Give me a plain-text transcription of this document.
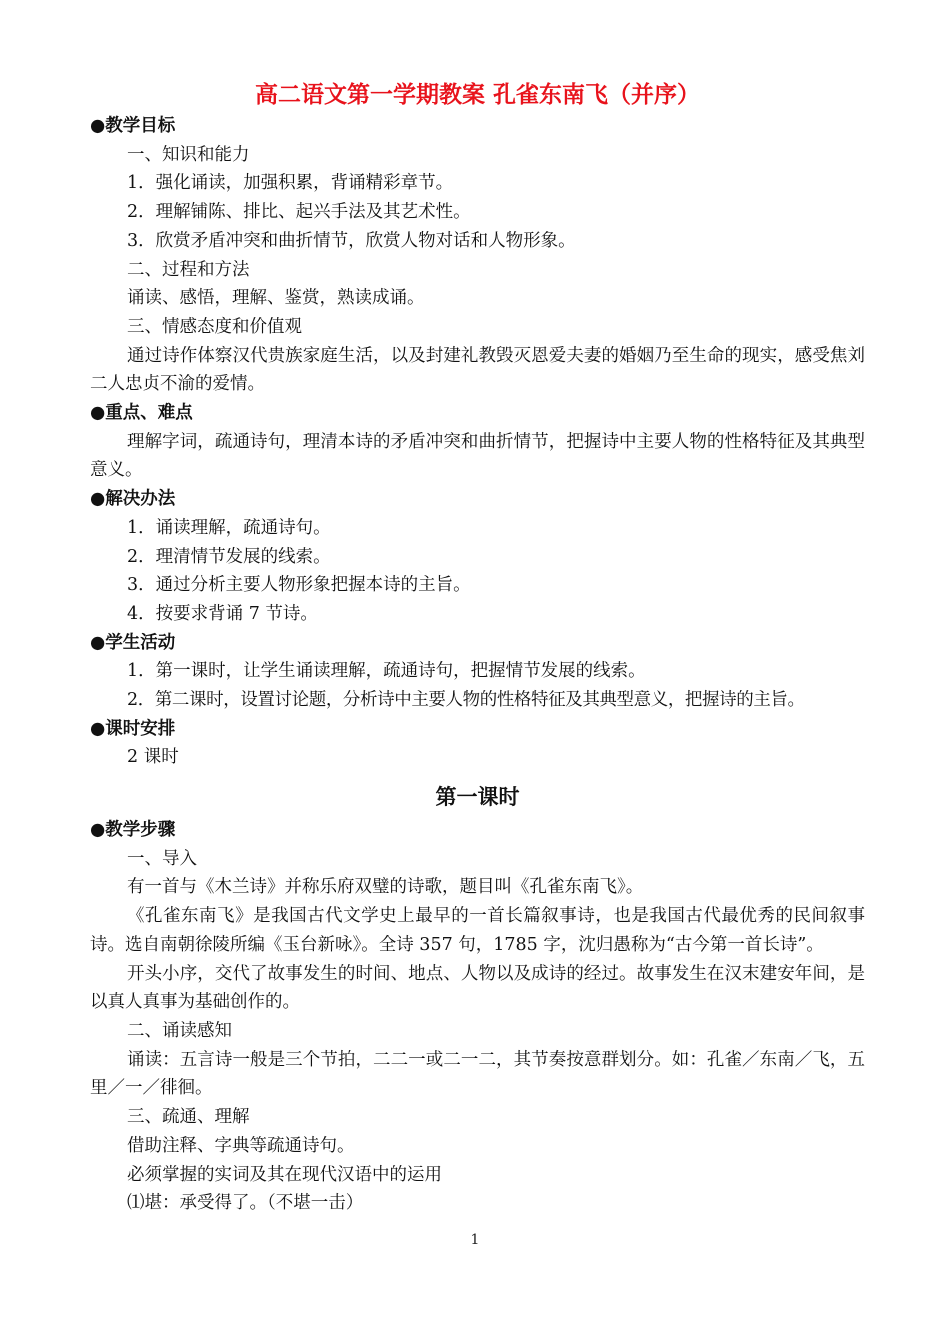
高二语文第一学期教案 孔雀东南飞（并序）
●教学目标
一、知识和能力
1．强化诵读，加强积累，背诵精彩章节。
2．理解铺陈、排比、起兴手法及其艺术性。
3．欣赏矛盾冲突和曲折情节，欣赏人物对话和人物形象。
二、过程和方法
诵读、感悟，理解、鉴赏，熟读成诵。
三、情感态度和价值观
通过诗作体察汉代贵族家庭生活，以及封建礼教毁灭恩爱夫妻的婚姻乃至生命的现实，感受焦刘二人忠贞不渝的爱情。
●重点、难点
理解字词，疏通诗句，理清本诗的矛盾冲突和曲折情节，把握诗中主要人物的性格特征及其典型意义。
●解决办法
1．诵读理解，疏通诗句。
2．理清情节发展的线索。
3．通过分析主要人物形象把握本诗的主旨。
4．按要求背诵 7 节诗。
●学生活动
1．第一课时，让学生诵读理解，疏通诗句，把握情节发展的线索。
2．第二课时，设置讨论题，分析诗中主要人物的性格特征及其典型意义，把握诗的主旨。
●课时安排
2 课时
第一课时
●教学步骤
一、导入
有一首与《木兰诗》并称乐府双璧的诗歌，题目叫《孔雀东南飞》。
《孔雀东南飞》是我国古代文学史上最早的一首长篇叙事诗，也是我国古代最优秀的民间叙事诗。选自南朝徐陵所编《玉台新咏》。全诗 357 句，1785 字，沈归愚称为“古今第一首长诗”。
开头小序，交代了故事发生的时间、地点、人物以及成诗的经过。故事发生在汉末建安年间，是以真人真事为基础创作的。
二、诵读感知
诵读：五言诗一般是三个节拍，二二一或二一二，其节奏按意群划分。如：孔雀／东南／飞，五里／一／徘徊。
三、疏通、理解
借助注释、字典等疏通诗句。
必须掌握的实词及其在现代汉语中的运用
⑴堪：承受得了。（不堪一击）
1
